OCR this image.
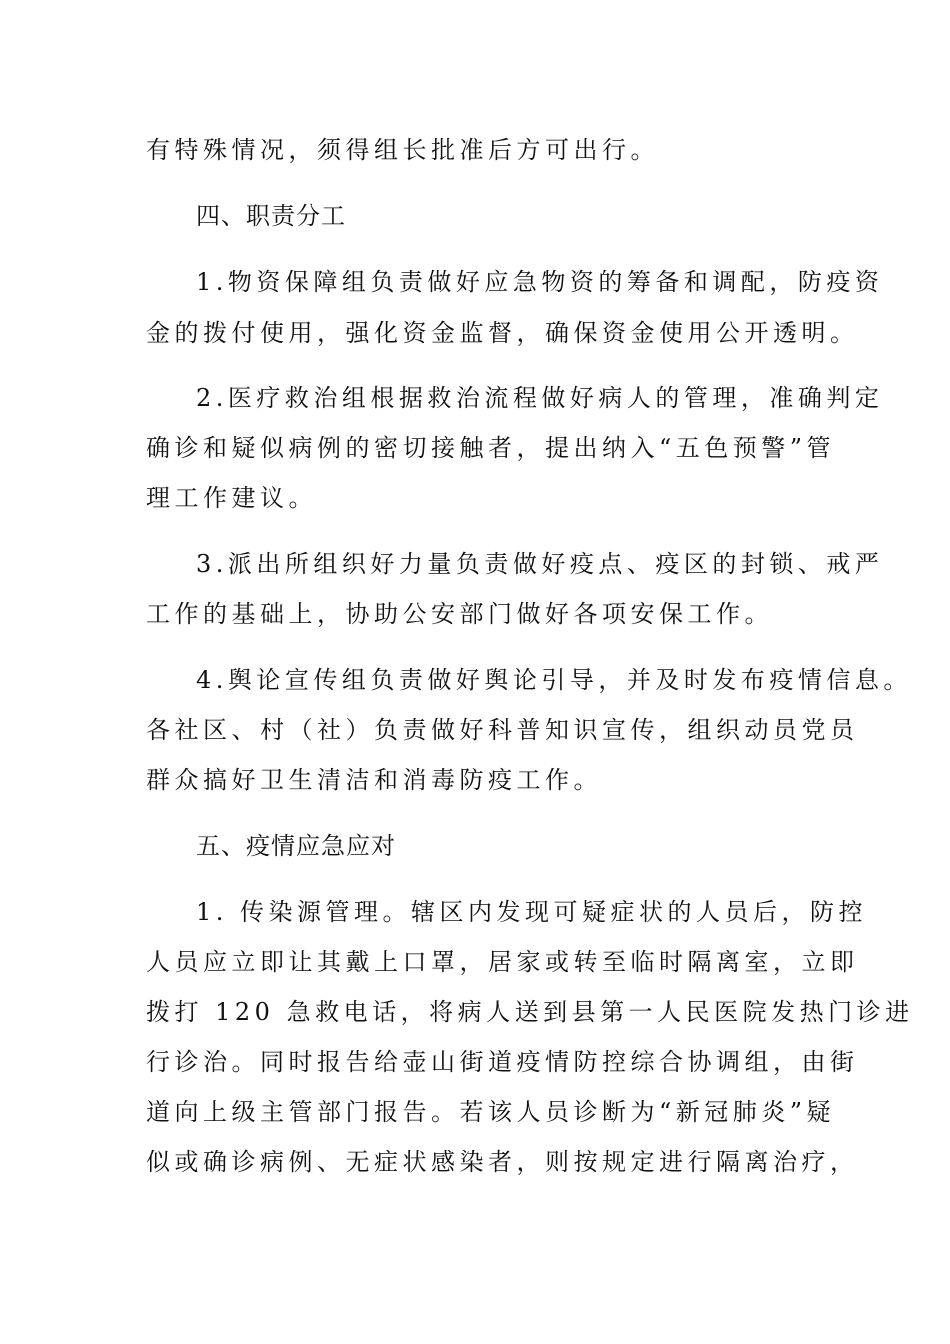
有特殊情况，须得组长批准后方可出行。
四、职责分工
1.物资保障组负责做好应急物资的筹备和调配，防疫资
金的拨付使用，强化资金监督，确保资金使用公开透明。
2.医疗救治组根据救治流程做好病人的管理，准确判定
确诊和疑似病例的密切接触者，提出纳入“五色预警”管
理工作建议。
3.派出所组织好力量负责做好疫点、疫区的封锁、戒严
工作的基础上，协助公安部门做好各项安保工作。
4.舆论宣传组负责做好舆论引导，并及时发布疫情信息。
各社区、村（社）负责做好科普知识宣传，组织动员党员
群众搞好卫生清洁和消毒防疫工作。
五、疫情应急应对
1. 传染源管理。辖区内发现可疑症状的人员后，防控
人员应立即让其戴上口罩，居家或转至临时隔离室，立即
拨打 120 急救电话，将病人送到县第一人民医院发热门诊进
行诊治。同时报告给壶山街道疫情防控综合协调组，由街
道向上级主管部门报告。若该人员诊断为“新冠肺炎”疑
似或确诊病例、无症状感染者，则按规定进行隔离治疗，
